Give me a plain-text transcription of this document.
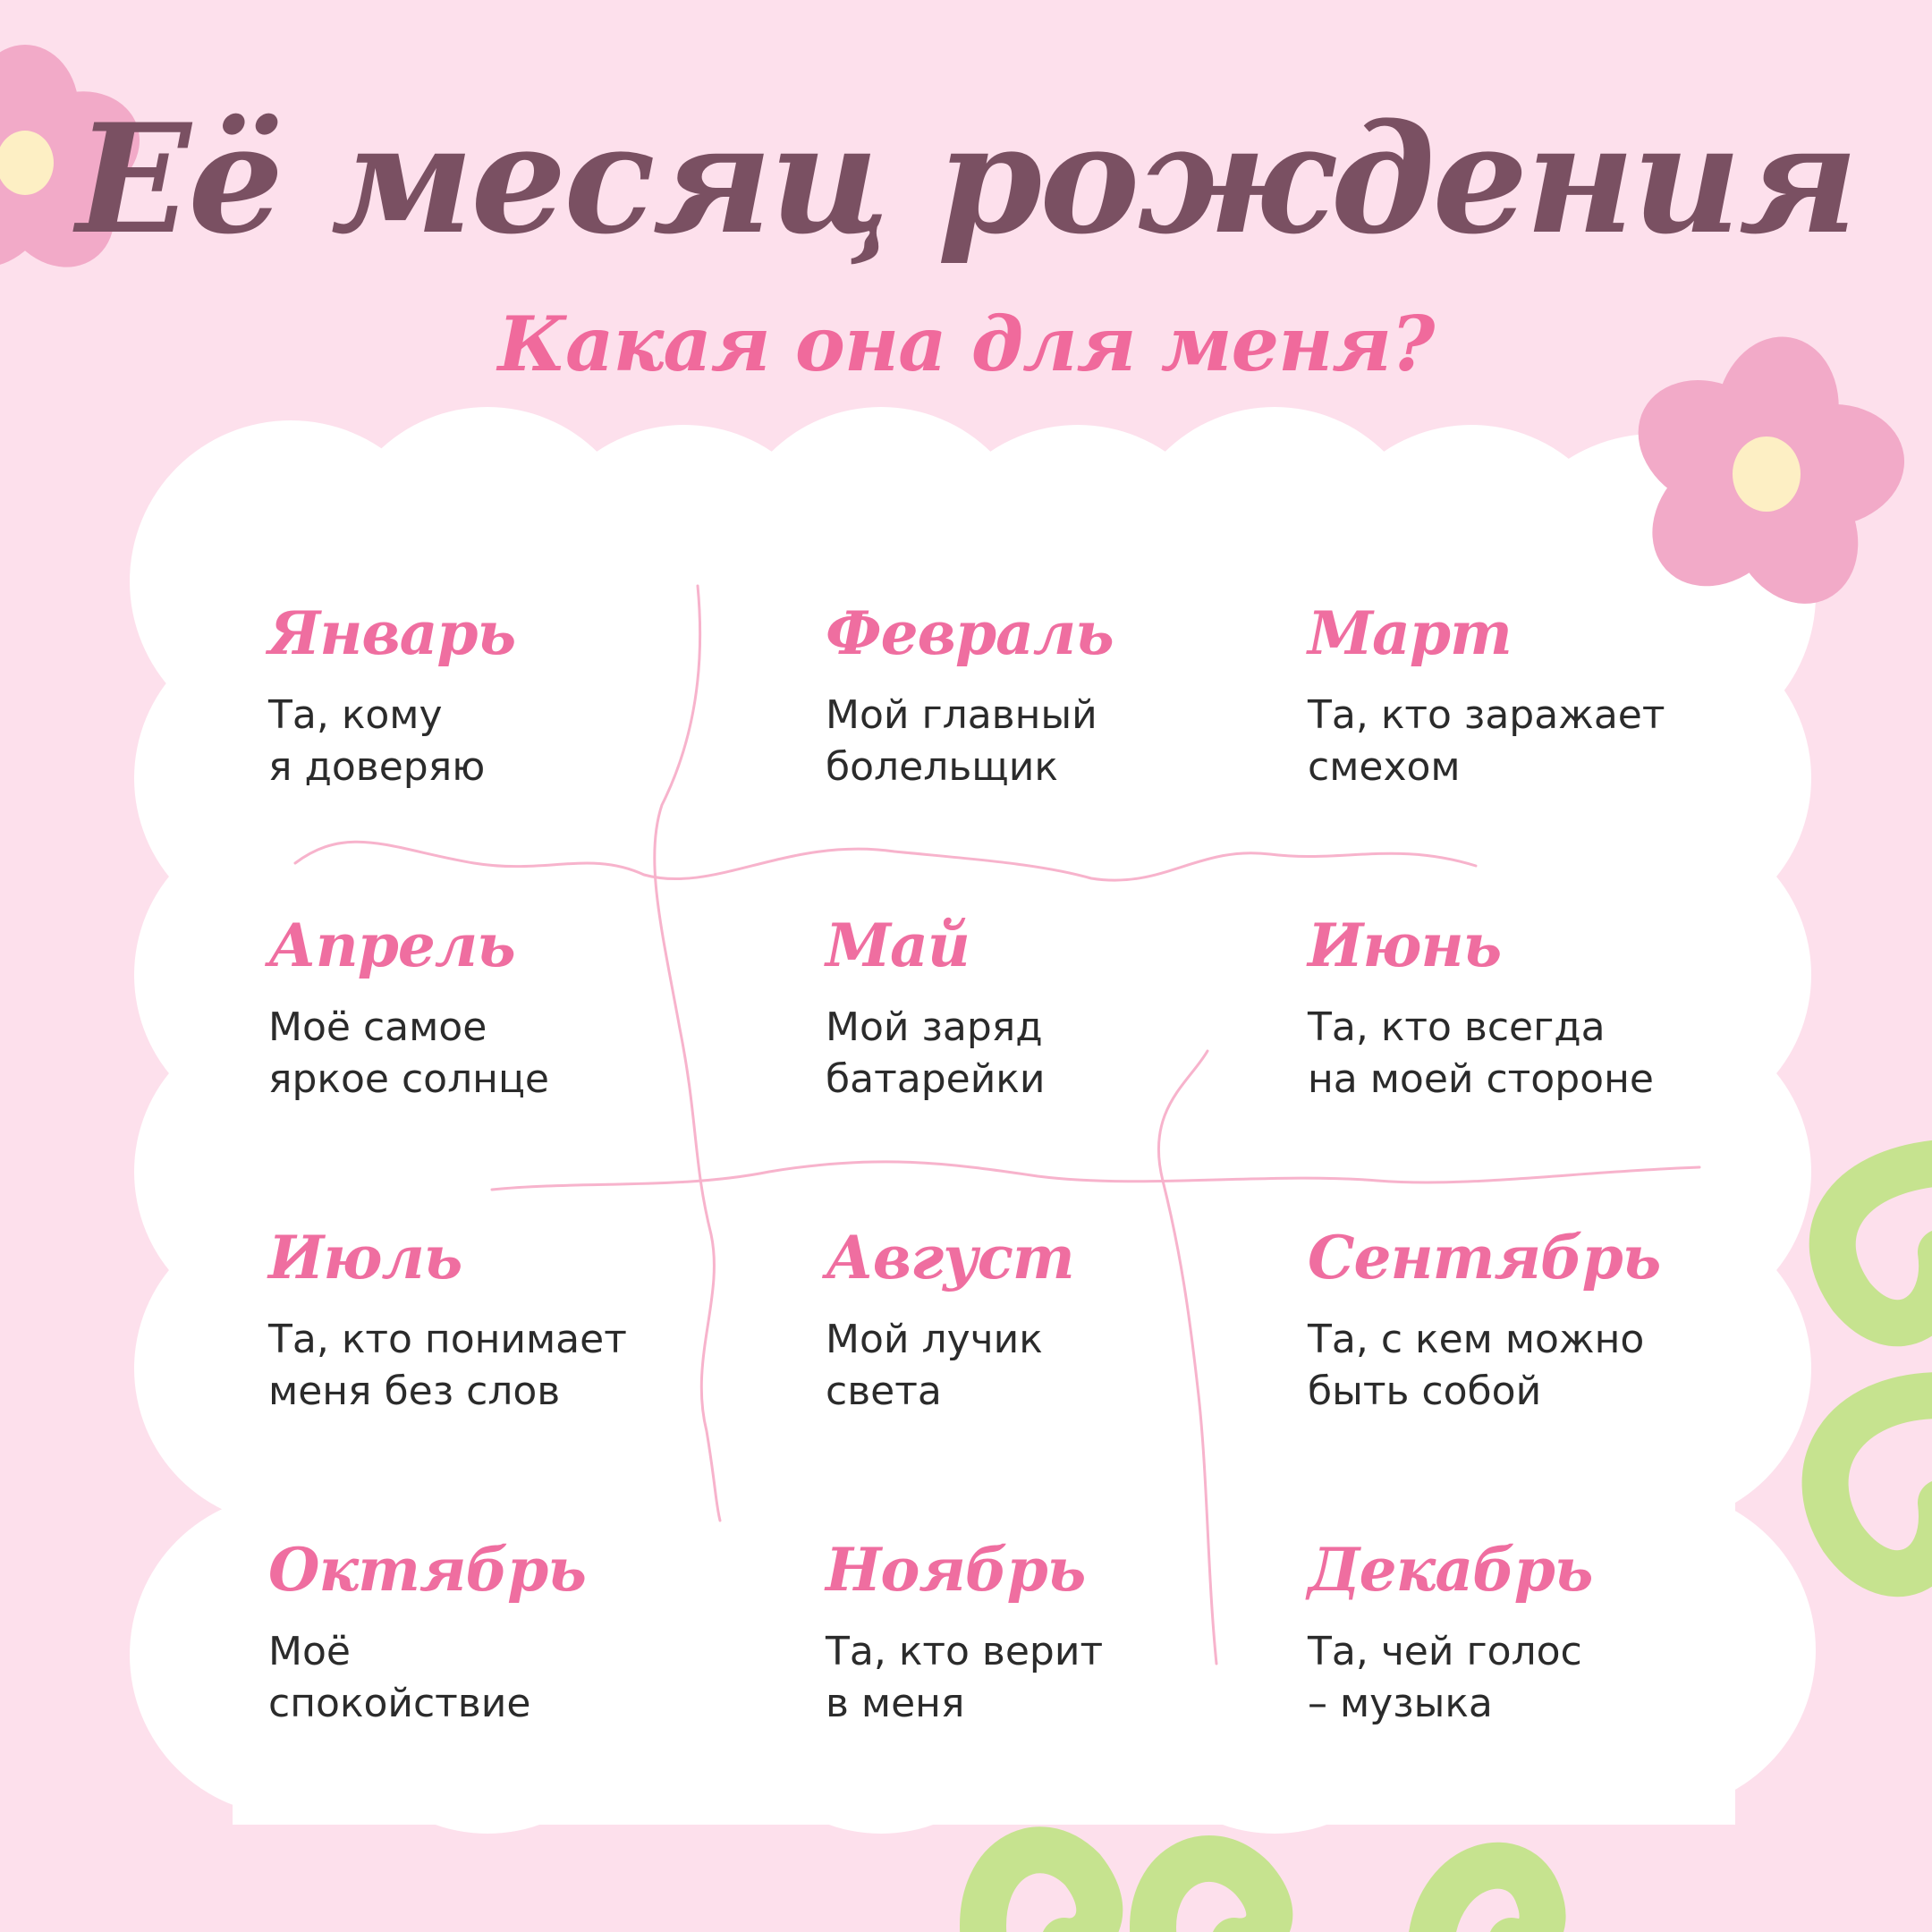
Её месяц рождения
Какая она для меня?
Январь
Та, кому
я доверяю
Февраль
Мой главный
болельщик
Март
Та, кто заражает
смехом
Апрель
Моё самое
яркое солнце
Май
Мой заряд
батарейки
Июнь
Та, кто всегда
на моей стороне
Июль
Та, кто понимает
меня без слов
Август
Мой лучик
света
Сентябрь
Та, с кем можно
быть собой
Октябрь
Моё
спокойствие
Ноябрь
Та, кто верит
в меня
Декабрь
Та, чей голос
– музыка
